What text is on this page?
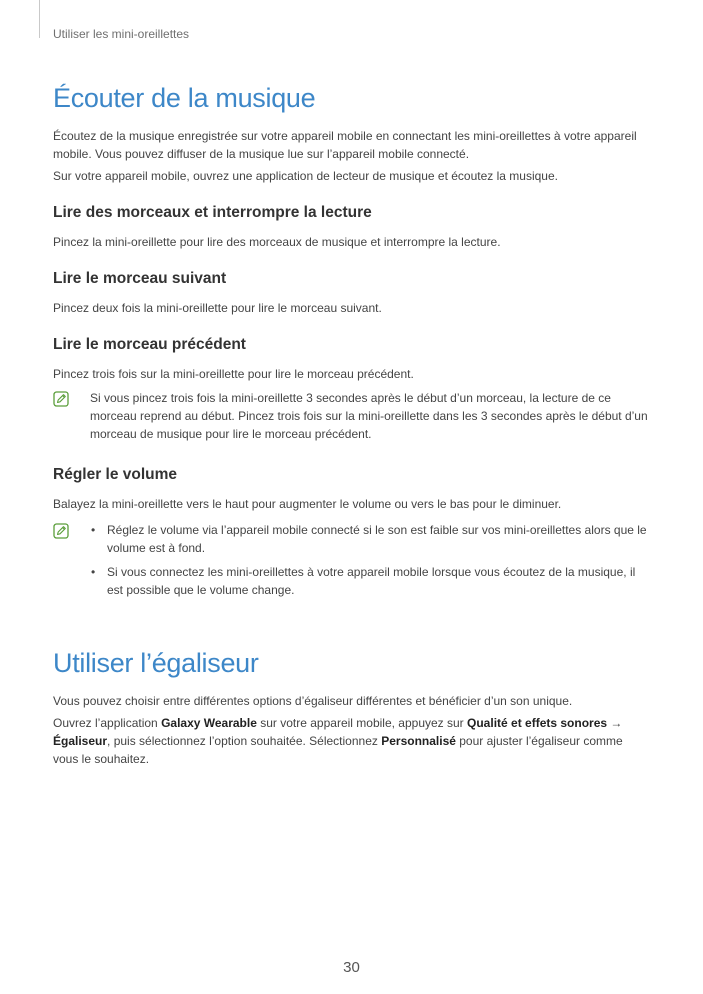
Utiliser les mini-oreillettes
Écouter de la musique

Écoutez de la musique enregistrée sur votre appareil mobile en connectant les mini-oreillettes à votre appareil mobile. Vous pouvez diffuser de la musique lue sur l’appareil mobile connecté.

Sur votre appareil mobile, ouvrez une application de lecteur de musique et écoutez la musique.

Lire des morceaux et interrompre la lecture

Pincez la mini-oreillette pour lire des morceaux de musique et interrompre la lecture.

Lire le morceau suivant

Pincez deux fois la mini-oreillette pour lire le morceau suivant.

Lire le morceau précédent

Pincez trois fois sur la mini-oreillette pour lire le morceau précédent.

Si vous pincez trois fois la mini-oreillette 3 secondes après le début d’un morceau, la lecture de ce morceau reprend au début. Pincez trois fois sur la mini-oreillette dans les 3 secondes après le début d’un morceau de musique pour lire le morceau précédent.

Régler le volume

Balayez la mini-oreillette vers le haut pour augmenter le volume ou vers le bas pour le diminuer.

• Réglez le volume via l’appareil mobile connecté si le son est faible sur vos mini-oreillettes alors que le volume est à fond.
• Si vous connectez les mini-oreillettes à votre appareil mobile lorsque vous écoutez de la musique, il est possible que le volume change.
Utiliser l’égaliseur

Vous pouvez choisir entre différentes options d’égaliseur différentes et bénéficier d’un son unique.

Ouvrez l’application Galaxy Wearable sur votre appareil mobile, appuyez sur Qualité et effets sonores → Égaliseur, puis sélectionnez l’option souhaitée. Sélectionnez Personnalisé pour ajuster l’égaliseur comme vous le souhaitez.

30
